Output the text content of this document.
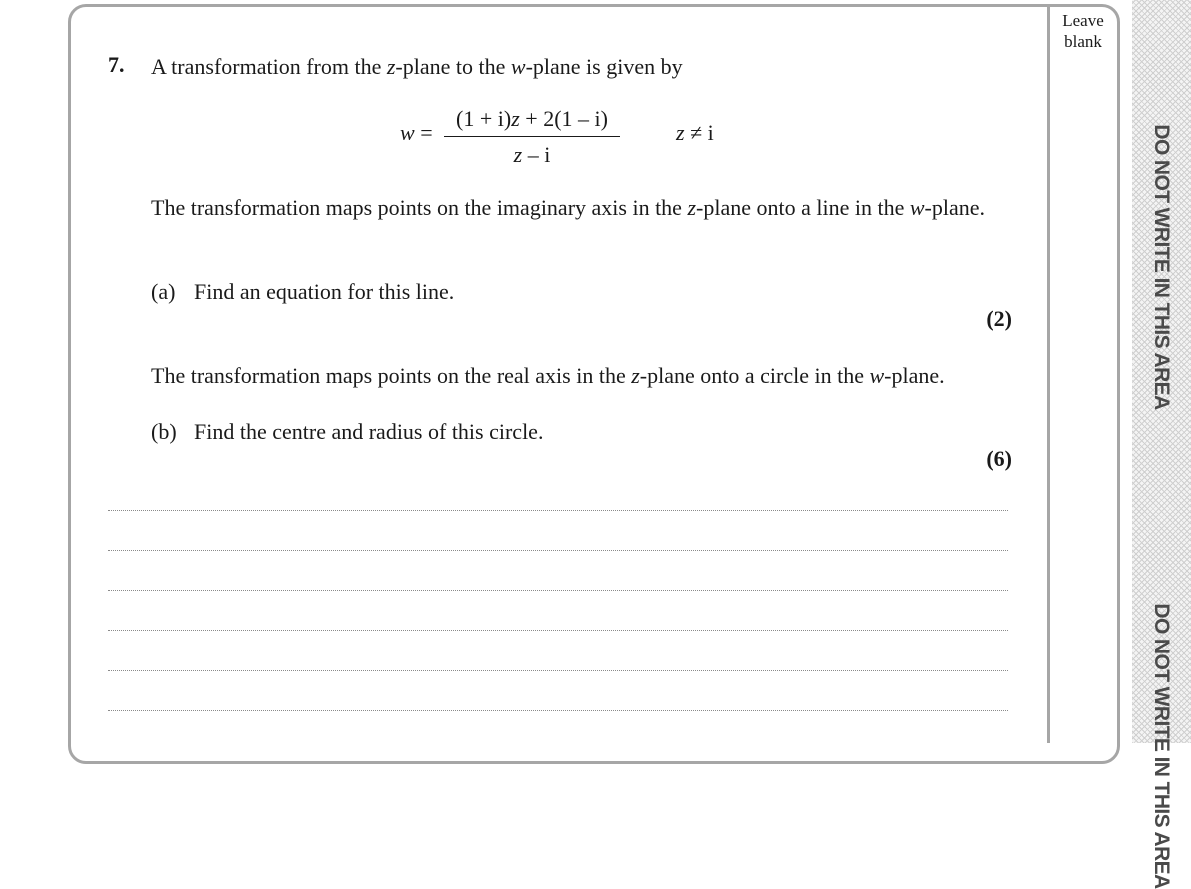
Leave blank
DO NOT WRITE IN THIS AREA
DO NOT WRITE IN THIS AREA
7. A transformation from the z-plane to the w-plane is given by
w =
(1 + i)z + 2(1 – i)
z – i
z ≠ i
The transformation maps points on the imaginary axis in the z-plane onto a line in the w-plane.
(a) Find an equation for this line.
(2)
The transformation maps points on the real axis in the z-plane onto a circle in the w-plane.
(b) Find the centre and radius of this circle.
(6)
